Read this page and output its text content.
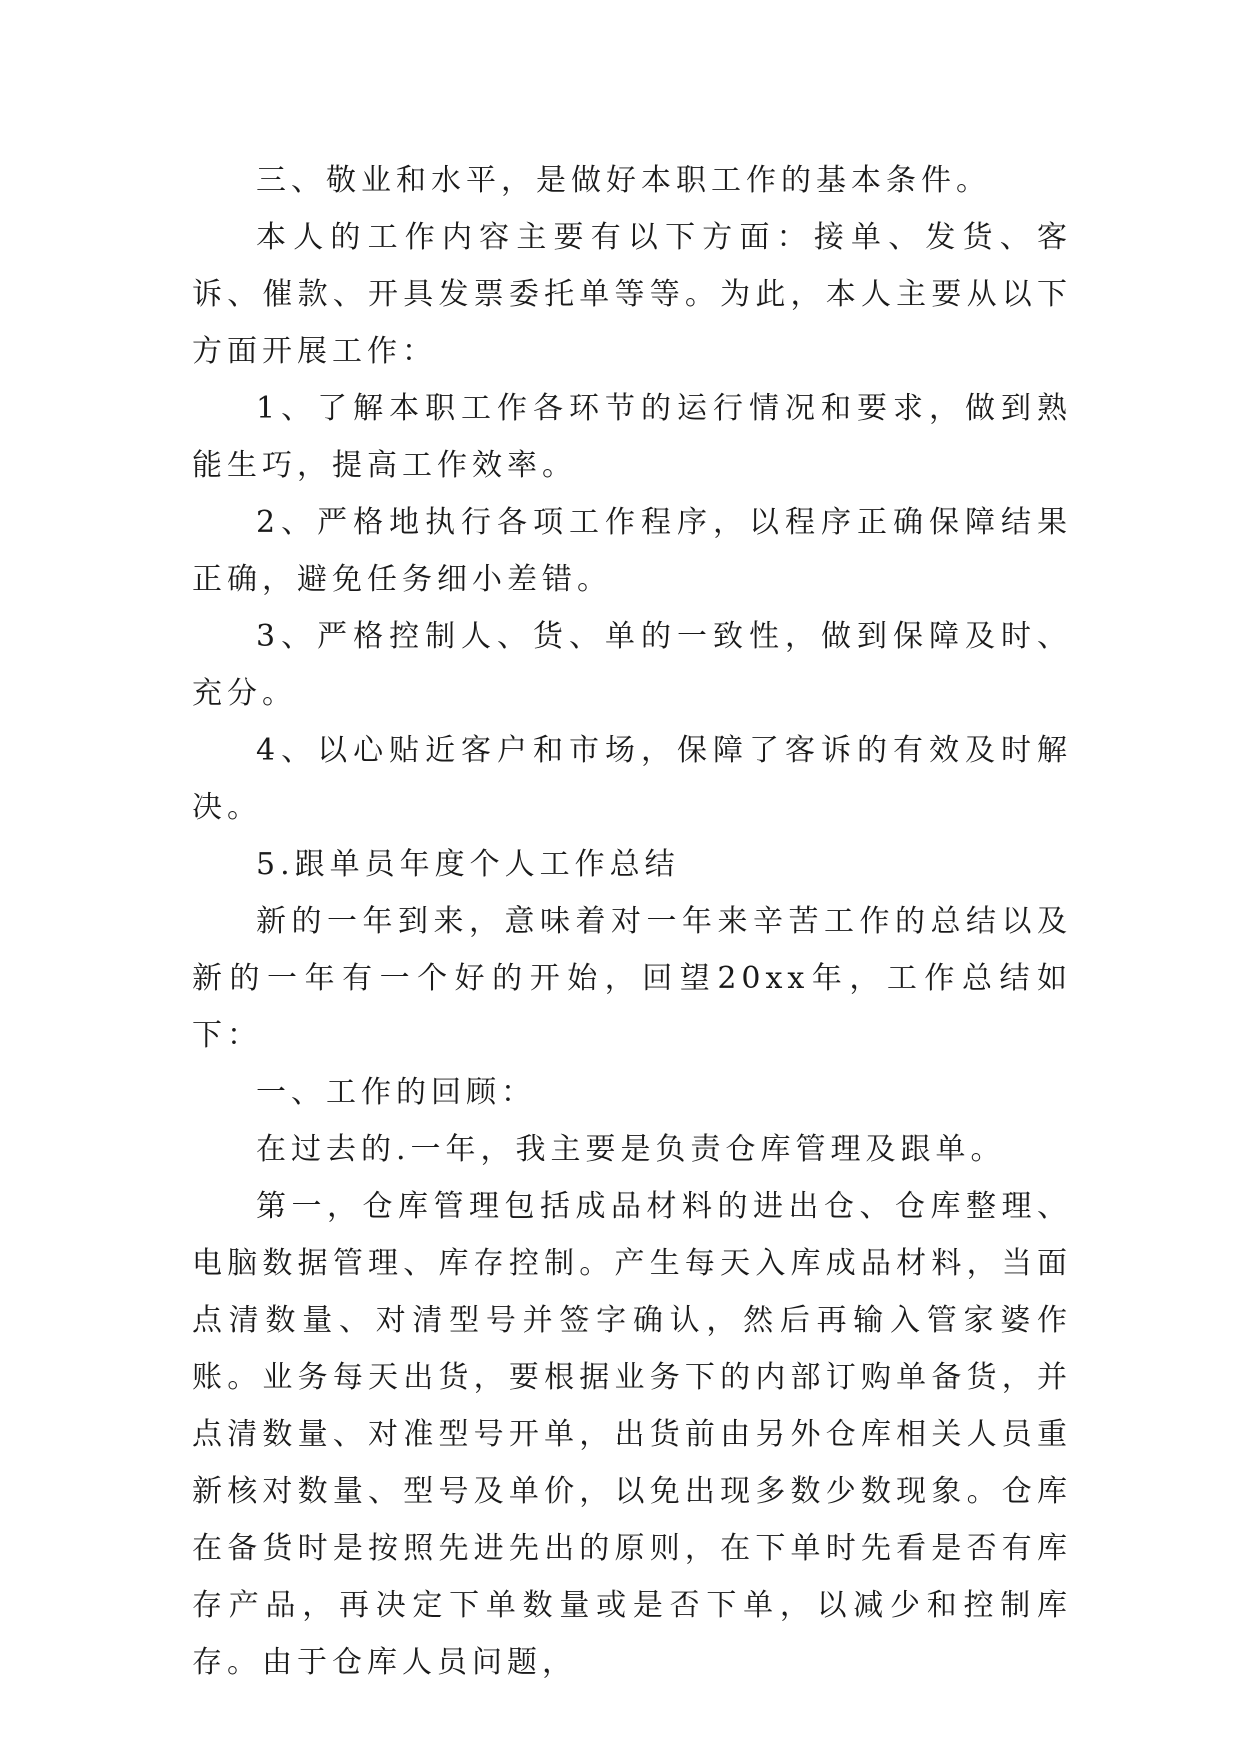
三、敬业和水平，是做好本职工作的基本条件。

本人的工作内容主要有以下方面：接单、发货、客诉、催款、开具发票委托单等等。为此，本人主要从以下方面开展工作：

1、了解本职工作各环节的运行情况和要求，做到熟能生巧，提高工作效率。

2、严格地执行各项工作程序，以程序正确保障结果正确，避免任务细小差错。

3、严格控制人、货、单的一致性，做到保障及时、充分。

4、以心贴近客户和市场，保障了客诉的有效及时解决。

5.跟单员年度个人工作总结

新的一年到来，意味着对一年来辛苦工作的总结以及新的一年有一个好的开始，回望20xx年，工作总结如下：

一、工作的回顾：

在过去的.一年，我主要是负责仓库管理及跟单。

第一，仓库管理包括成品材料的进出仓、仓库整理、电脑数据管理、库存控制。产生每天入库成品材料，当面点清数量、对清型号并签字确认，然后再输入管家婆作账。业务每天出货，要根据业务下的内部订购单备货，并点清数量、对准型号开单，出货前由另外仓库相关人员重新核对数量、型号及单价，以免出现多数少数现象。仓库在备货时是按照先进先出的原则，在下单时先看是否有库存产品，再决定下单数量或是否下单，以减少和控制库存。由于仓库人员问题，
